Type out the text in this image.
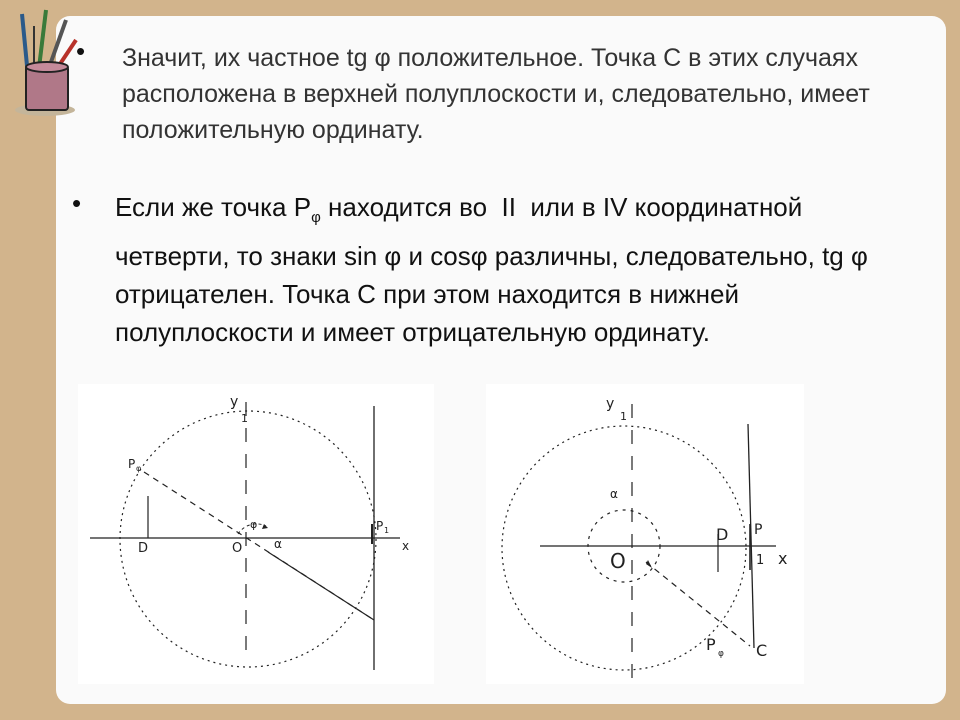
• Значит, их частное tg φ положительное. Точка С в этих случаях расположена в верхней полуплоскости и, следовательно, имеет положительную ординату.
• Если же точка $P_\varphi$ находится во  II  или в IV координатной четверти, то знаки sin φ и cosφ различны, следовательно, tg φ отрицателен. Точка С при этом находится в нижней полуплоскости и имеет отрицательную ординату.
y
1
P φ
D	O
φ	P 1
x
α
y
1
α
O
D P
1 x
P φ C
